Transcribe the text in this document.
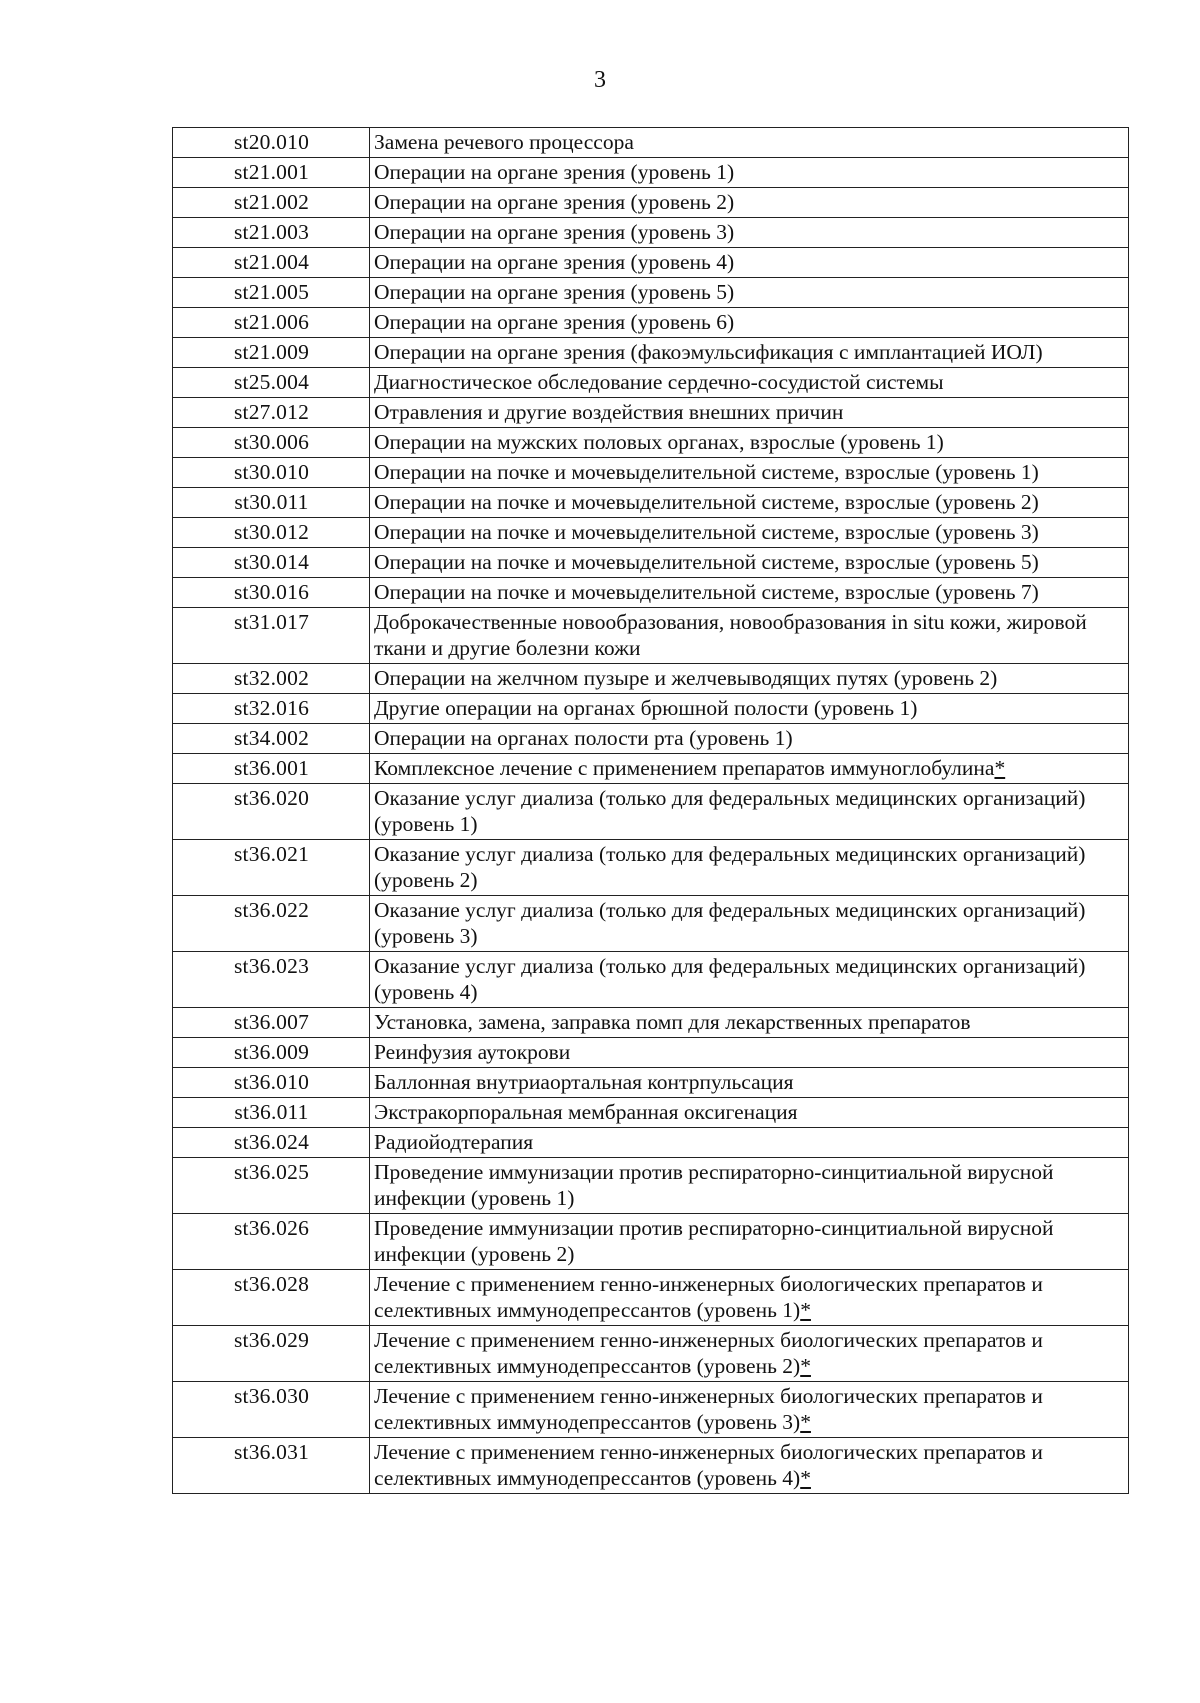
3
st20.010	Замена речевого процессора
st21.001	Операции на органе зрения (уровень 1)
st21.002	Операции на органе зрения (уровень 2)
st21.003	Операции на органе зрения (уровень 3)
st21.004	Операции на органе зрения (уровень 4)
st21.005	Операции на органе зрения (уровень 5)
st21.006	Операции на органе зрения (уровень 6)
st21.009	Операции на органе зрения (факоэмульсификация с имплантацией ИОЛ)
st25.004	Диагностическое обследование сердечно-сосудистой системы
st27.012	Отравления и другие воздействия внешних причин
st30.006	Операции на мужских половых органах, взрослые (уровень 1)
st30.010	Операции на почке и мочевыделительной системе, взрослые (уровень 1)
st30.011	Операции на почке и мочевыделительной системе, взрослые (уровень 2)
st30.012	Операции на почке и мочевыделительной системе, взрослые (уровень 3)
st30.014	Операции на почке и мочевыделительной системе, взрослые (уровень 5)
st30.016	Операции на почке и мочевыделительной системе, взрослые (уровень 7)
st31.017	Доброкачественные новообразования, новообразования in situ кожи, жировой ткани и другие болезни кожи
st32.002	Операции на желчном пузыре и желчевыводящих путях (уровень 2)
st32.016	Другие операции на органах брюшной полости (уровень 1)
st34.002	Операции на органах полости рта (уровень 1)
st36.001	Комплексное лечение с применением препаратов иммуноглобулина*
st36.020	Оказание услуг диализа (только для федеральных медицинских организаций) (уровень 1)
st36.021	Оказание услуг диализа (только для федеральных медицинских организаций) (уровень 2)
st36.022	Оказание услуг диализа (только для федеральных медицинских организаций) (уровень 3)
st36.023	Оказание услуг диализа (только для федеральных медицинских организаций) (уровень 4)
st36.007	Установка, замена, заправка помп для лекарственных препаратов
st36.009	Реинфузия аутокрови
st36.010	Баллонная внутриаортальная контрпульсация
st36.011	Экстракорпоральная мембранная оксигенация
st36.024	Радиойодтерапия
st36.025	Проведение иммунизации против респираторно-синцитиальной вирусной инфекции (уровень 1)
st36.026	Проведение иммунизации против респираторно-синцитиальной вирусной инфекции (уровень 2)
st36.028	Лечение с применением генно-инженерных биологических препаратов и селективных иммунодепрессантов (уровень 1)*
st36.029	Лечение с применением генно-инженерных биологических препаратов и селективных иммунодепрессантов (уровень 2)*
st36.030	Лечение с применением генно-инженерных биологических препаратов и селективных иммунодепрессантов (уровень 3)*
st36.031	Лечение с применением генно-инженерных биологических препаратов и селективных иммунодепрессантов (уровень 4)*
